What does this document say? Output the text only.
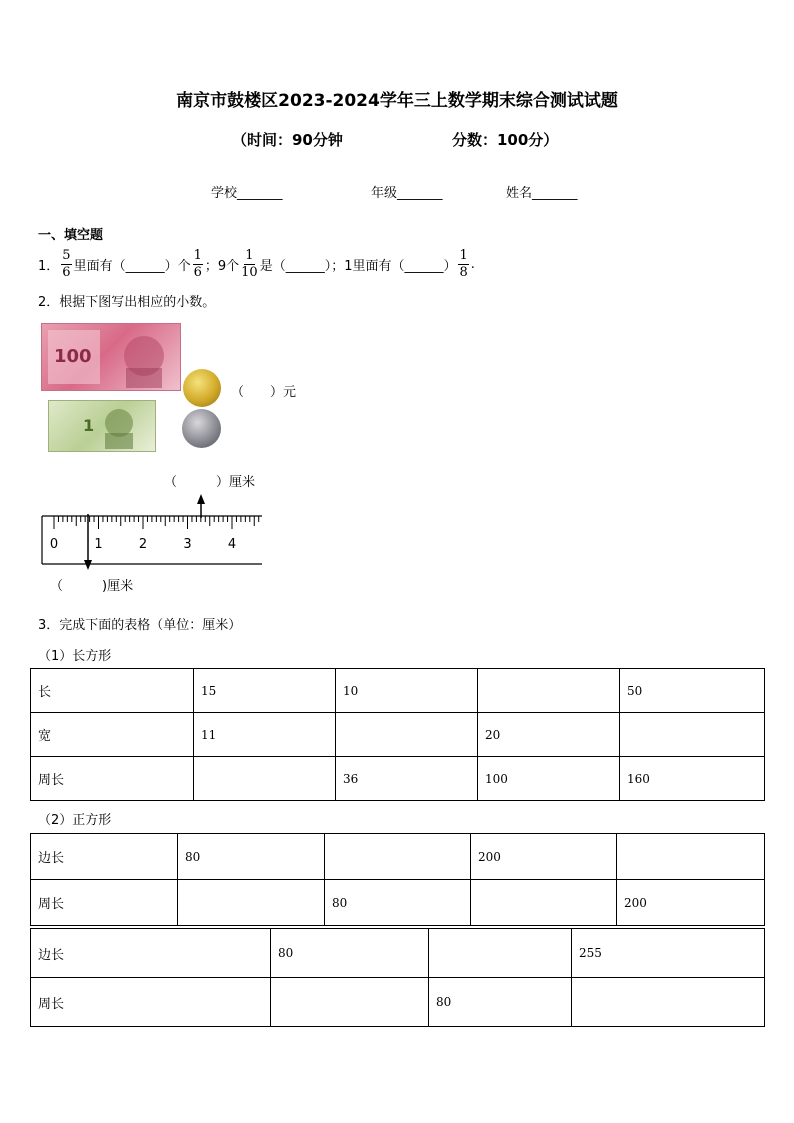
南京市鼓楼区2023-2024学年三上数学期末综合测试试题
（时间：90分钟	分数：100分）
学校_______	年级_______	姓名_______
一、填空题
1． $\frac{5}{6}$ 里面有（______）个 $\frac{1}{6}$ ；9个 $\frac{1}{10}$ 是（______）；1里面有（______） $\frac{1}{8}$ .
2．根据下图写出相应的小数。
100
（　　）元
1
（　　　）厘米
0	1	2	3	4
（　　　)厘米
3．完成下面的表格（单位：厘米）
（1）长方形
长	15	10		50
宽	11		20	
周长		36	100	160
（2）正方形
边长	80		200	
周长		80		200
边长	80		255
周长		80	
